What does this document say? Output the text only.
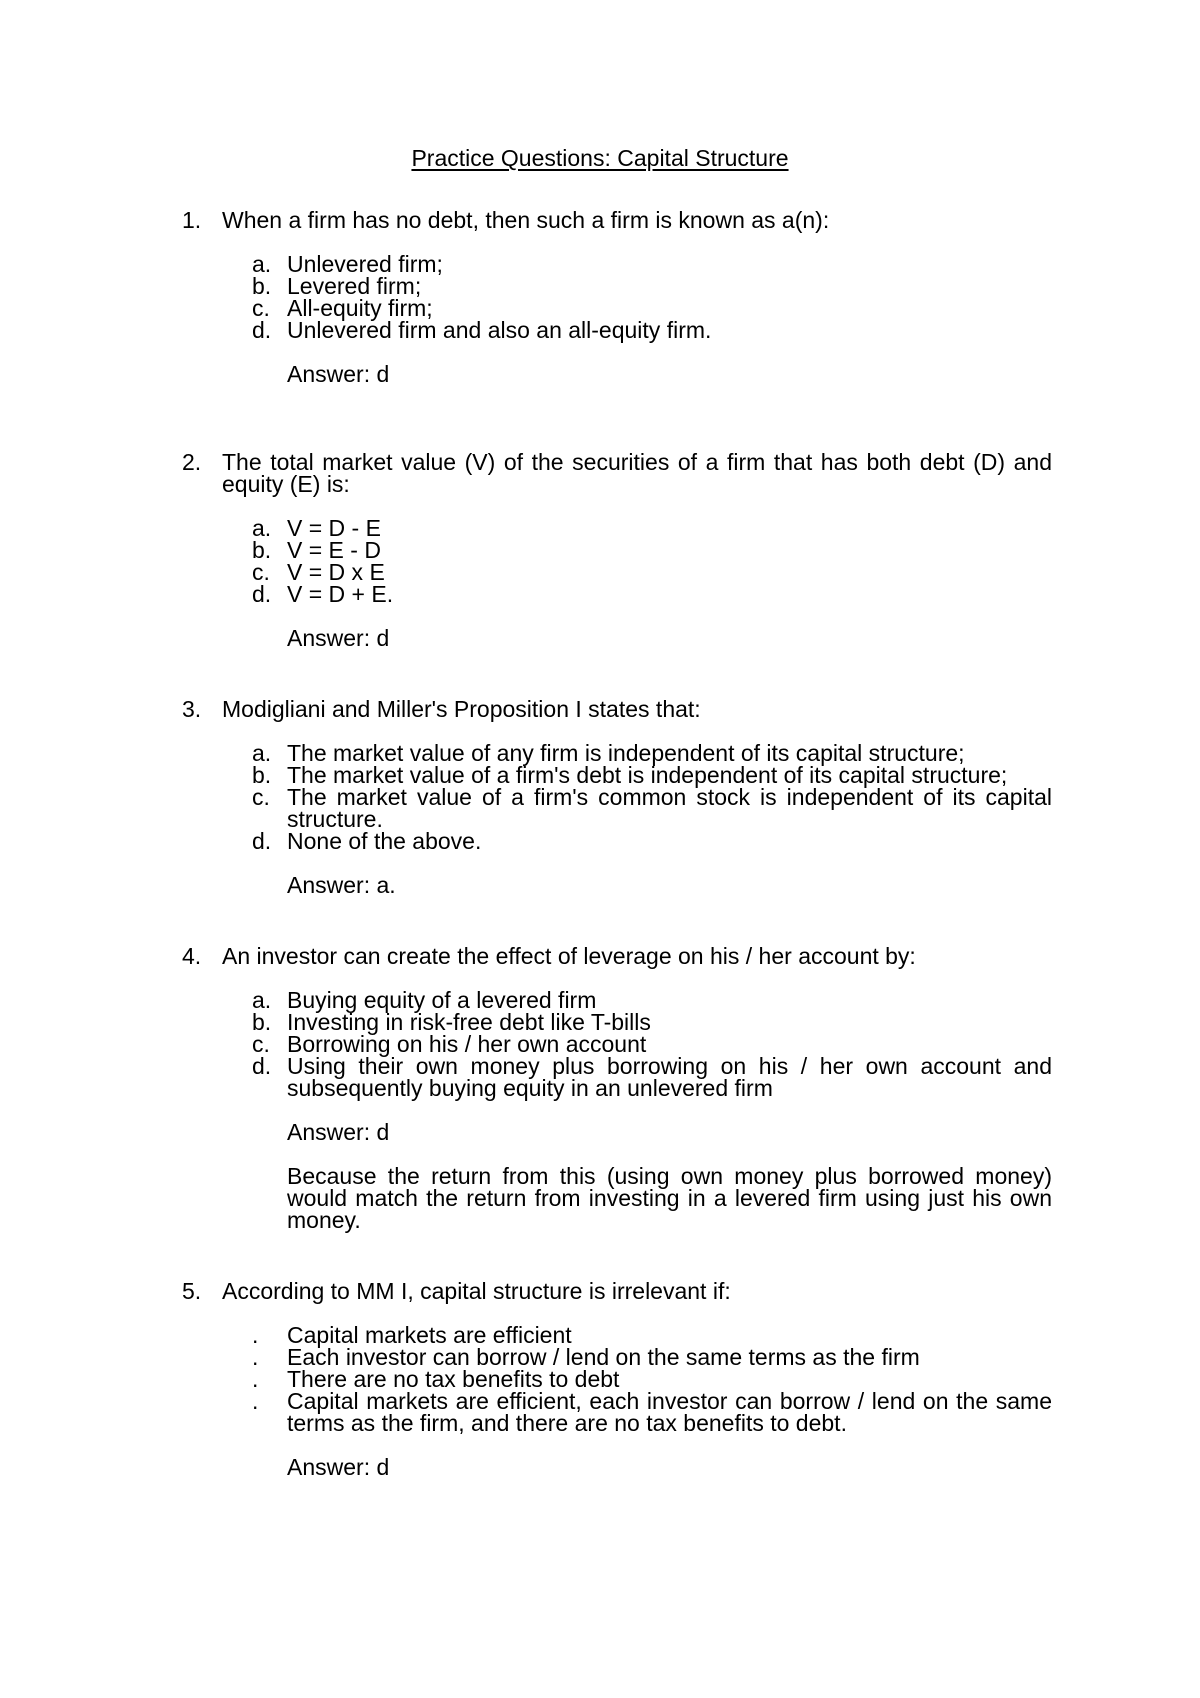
Practice Questions: Capital Structure
1. When a firm has no debt, then such a firm is known as a(n):
a. Unlevered firm;
b. Levered firm;
c. All-equity firm;
d. Unlevered firm and also an all-equity firm.
Answer: d
2. The total market value (V) of the securities of a firm that has both debt (D) and equity (E) is:
a. V = D - E
b. V = E - D
c. V = D x E
d. V = D + E.
Answer: d
3. Modigliani and Miller's Proposition I states that:
a. The market value of any firm is independent of its capital structure;
b. The market value of a firm's debt is independent of its capital structure;
c. The market value of a firm's common stock is independent of its capital structure.
d. None of the above.
Answer: a.
4. An investor can create the effect of leverage on his / her account by:
a. Buying equity of a levered firm
b. Investing in risk-free debt like T-bills
c. Borrowing on his / her own account
d. Using their own money plus borrowing on his / her own account and subsequently buying equity in an unlevered firm
Answer: d
Because the return from this (using own money plus borrowed money) would match the return from investing in a levered firm using just his own money.
5. According to MM I, capital structure is irrelevant if:
. Capital markets are efficient
. Each investor can borrow / lend on the same terms as the firm
. There are no tax benefits to debt
. Capital markets are efficient, each investor can borrow / lend on the same terms as the firm, and there are no tax benefits to debt.
Answer: d
